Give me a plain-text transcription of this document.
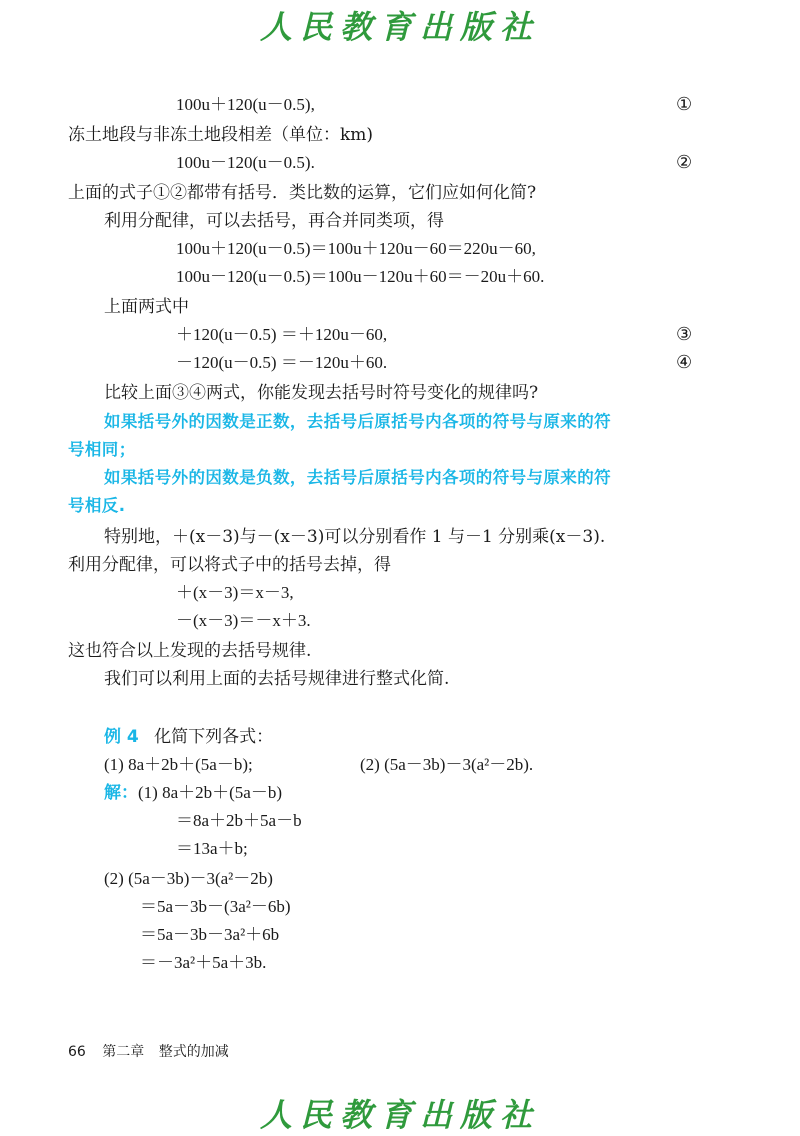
人民教育出版社
100u＋120(u－0.5),	①
冻土地段与非冻土地段相差（单位：km)
100u－120(u－0.5).	②
上面的式子①②都带有括号．类比数的运算，它们应如何化简?
利用分配律，可以去括号，再合并同类项，得
100u＋120(u－0.5)＝100u＋120u－60＝220u－60,
100u－120(u－0.5)＝100u－120u＋60＝－20u＋60.
上面两式中
＋120(u－0.5) ＝＋120u－60,	③
－120(u－0.5) ＝－120u＋60.	④
比较上面③④两式，你能发现去括号时符号变化的规律吗?
如果括号外的因数是正数，去括号后原括号内各项的符号与原来的符
号相同；
如果括号外的因数是负数，去括号后原括号内各项的符号与原来的符
号相反.
特别地，＋(x－3)与－(x－3)可以分别看作 1 与－1 分别乘(x－3).
利用分配律，可以将式子中的括号去掉，得
＋(x－3)＝x－3,
－(x－3)＝－x＋3.
这也符合以上发现的去括号规律.
我们可以利用上面的去括号规律进行整式化简.
例 4 化简下列各式：
(1) 8a＋2b＋(5a－b);	(2) (5a－3b)－3(a²－2b).
解：(1) 8a＋2b＋(5a－b)
＝8a＋2b＋5a－b
＝13a＋b;
(2) (5a－3b)－3(a²－2b)
＝5a－3b－(3a²－6b)
＝5a－3b－3a²＋6b
＝－3a²＋5a＋3b.
66 第二章 整式的加减
人民教育出版社
